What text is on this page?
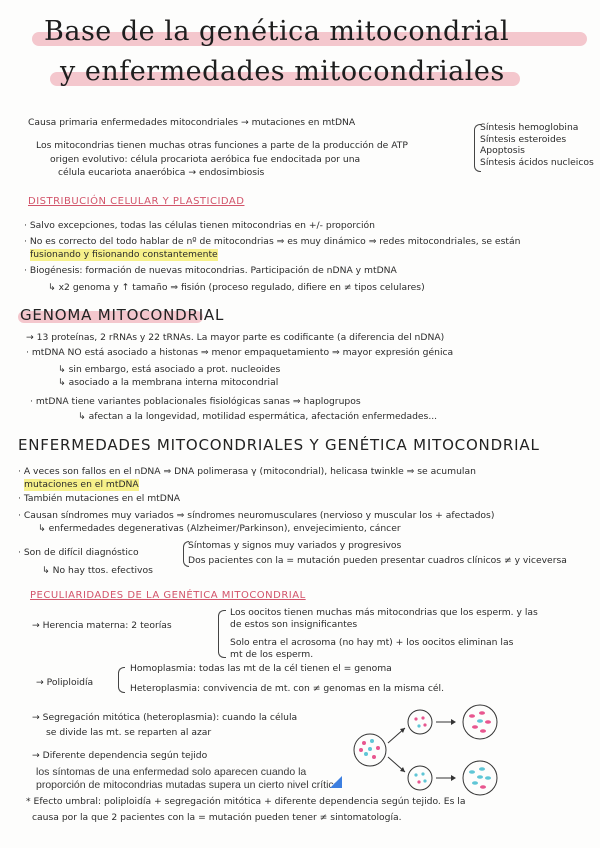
Base de la genética mitocondrial
y enfermedades mitocondriales
Causa primaria enfermedades mitocondriales → mutaciones en mtDNA
Los mitocondrias tienen muchas otras funciones a parte de la producción de ATP
origen evolutivo: célula procariota aeróbica fue endocitada por una
célula eucariota anaeróbica → endosimbiosis
Síntesis hemoglobina
Síntesis esteroides
Apoptosis
Síntesis ácidos nucleicos
DISTRIBUCIÓN CELULAR Y PLASTICIDAD
· Salvo excepciones, todas las células tienen mitocondrias en +/- proporción
· No es correcto del todo hablar de nº de mitocondrias ⇒ es muy dinámico ⇒ redes mitocondriales, se están
fusionando y fisionando constantemente
· Biogénesis: formación de nuevas mitocondrias. Participación de nDNA y mtDNA
↳ x2 genoma y ↑ tamaño ⇒ fisión (proceso regulado, difiere en ≠ tipos celulares)
GENOMA MITOCONDRIAL
→ 13 proteínas, 2 rRNAs y 22 tRNAs. La mayor parte es codificante (a diferencia del nDNA)
· mtDNA NO está asociado a histonas ⇒ menor empaquetamiento ⇒ mayor expresión génica
↳ sin embargo, está asociado a prot. nucleoides
↳ asociado a la membrana interna mitocondrial
· mtDNA tiene variantes poblacionales fisiológicas sanas ⇒ haplogrupos
↳ afectan a la longevidad, motilidad espermática, afectación enfermedades...
ENFERMEDADES MITOCONDRIALES Y GENÉTICA MITOCONDRIAL
· A veces son fallos en el nDNA ⇒ DNA polimerasa γ (mitocondrial), helicasa twinkle ⇒ se acumulan
mutaciones en el mtDNA
· También mutaciones en el mtDNA
· Causan síndromes muy variados ⇒ síndromes neuromusculares (nervioso y muscular los + afectados)
↳ enfermedades degenerativas (Alzheimer/Parkinson), envejecimiento, cáncer
· Son de difícil diagnóstico
Síntomas y signos muy variados y progresivos
Dos pacientes con la = mutación pueden presentar cuadros clínicos ≠ y viceversa
↳ No hay ttos. efectivos
PECULIARIDADES DE LA GENÉTICA MITOCONDRIAL
→ Herencia materna: 2 teorías
Los oocitos tienen muchas más mitocondrias que los esperm. y las
de estos son insignificantes
Solo entra el acrosoma (no hay mt) + los oocitos eliminan las
mt de los esperm.
→ Poliploidía
Homoplasmia: todas las mt de la cél tienen el = genoma
Heteroplasmia: convivencia de mt. con ≠ genomas en la misma cél.
→ Segregación mitótica (heteroplasmia): cuando la célula
se divide las mt. se reparten al azar
→ Diferente dependencia según tejido
los síntomas de una enfermedad solo aparecen cuando la
proporción de mitocondrias mutadas supera un cierto nivel crítico.
* Efecto umbral: poliploidía + segregación mitótica + diferente dependencia según tejido. Es la
causa por la que 2 pacientes con la = mutación pueden tener ≠ sintomatología.
